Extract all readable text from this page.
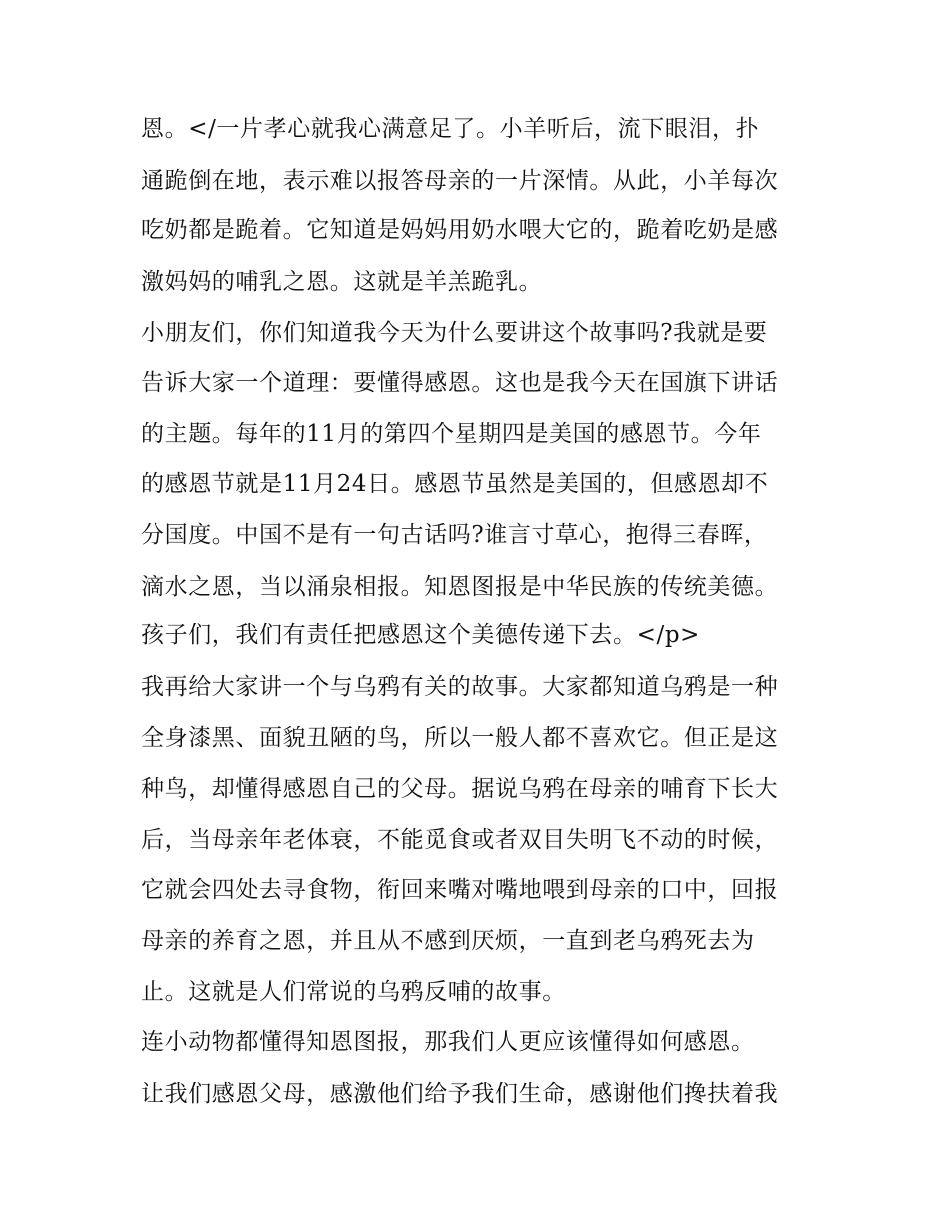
恩。</一片孝心就我心满意足了。小羊听后，流下眼泪，扑
通跪倒在地，表示难以报答母亲的一片深情。从此，小羊每次
吃奶都是跪着。它知道是妈妈用奶水喂大它的，跪着吃奶是感
激妈妈的哺乳之恩。这就是羊羔跪乳。
小朋友们，你们知道我今天为什么要讲这个故事吗?我就是要
告诉大家一个道理：要懂得感恩。这也是我今天在国旗下讲话
的主题。每年的11月的第四个星期四是美国的感恩节。今年
的感恩节就是11月24日。感恩节虽然是美国的，但感恩却不
分国度。中国不是有一句古话吗?谁言寸草心，抱得三春晖，
滴水之恩，当以涌泉相报。知恩图报是中华民族的传统美德。
孩子们，我们有责任把感恩这个美德传递下去。</p>
我再给大家讲一个与乌鸦有关的故事。大家都知道乌鸦是一种
全身漆黑、面貌丑陋的鸟，所以一般人都不喜欢它。但正是这
种鸟，却懂得感恩自己的父母。据说乌鸦在母亲的哺育下长大
后，当母亲年老体衰，不能觅食或者双目失明飞不动的时候，
它就会四处去寻食物，衔回来嘴对嘴地喂到母亲的口中，回报
母亲的养育之恩，并且从不感到厌烦，一直到老乌鸦死去为
止。这就是人们常说的乌鸦反哺的故事。
连小动物都懂得知恩图报，那我们人更应该懂得如何感恩。
让我们感恩父母，感激他们给予我们生命，感谢他们搀扶着我
